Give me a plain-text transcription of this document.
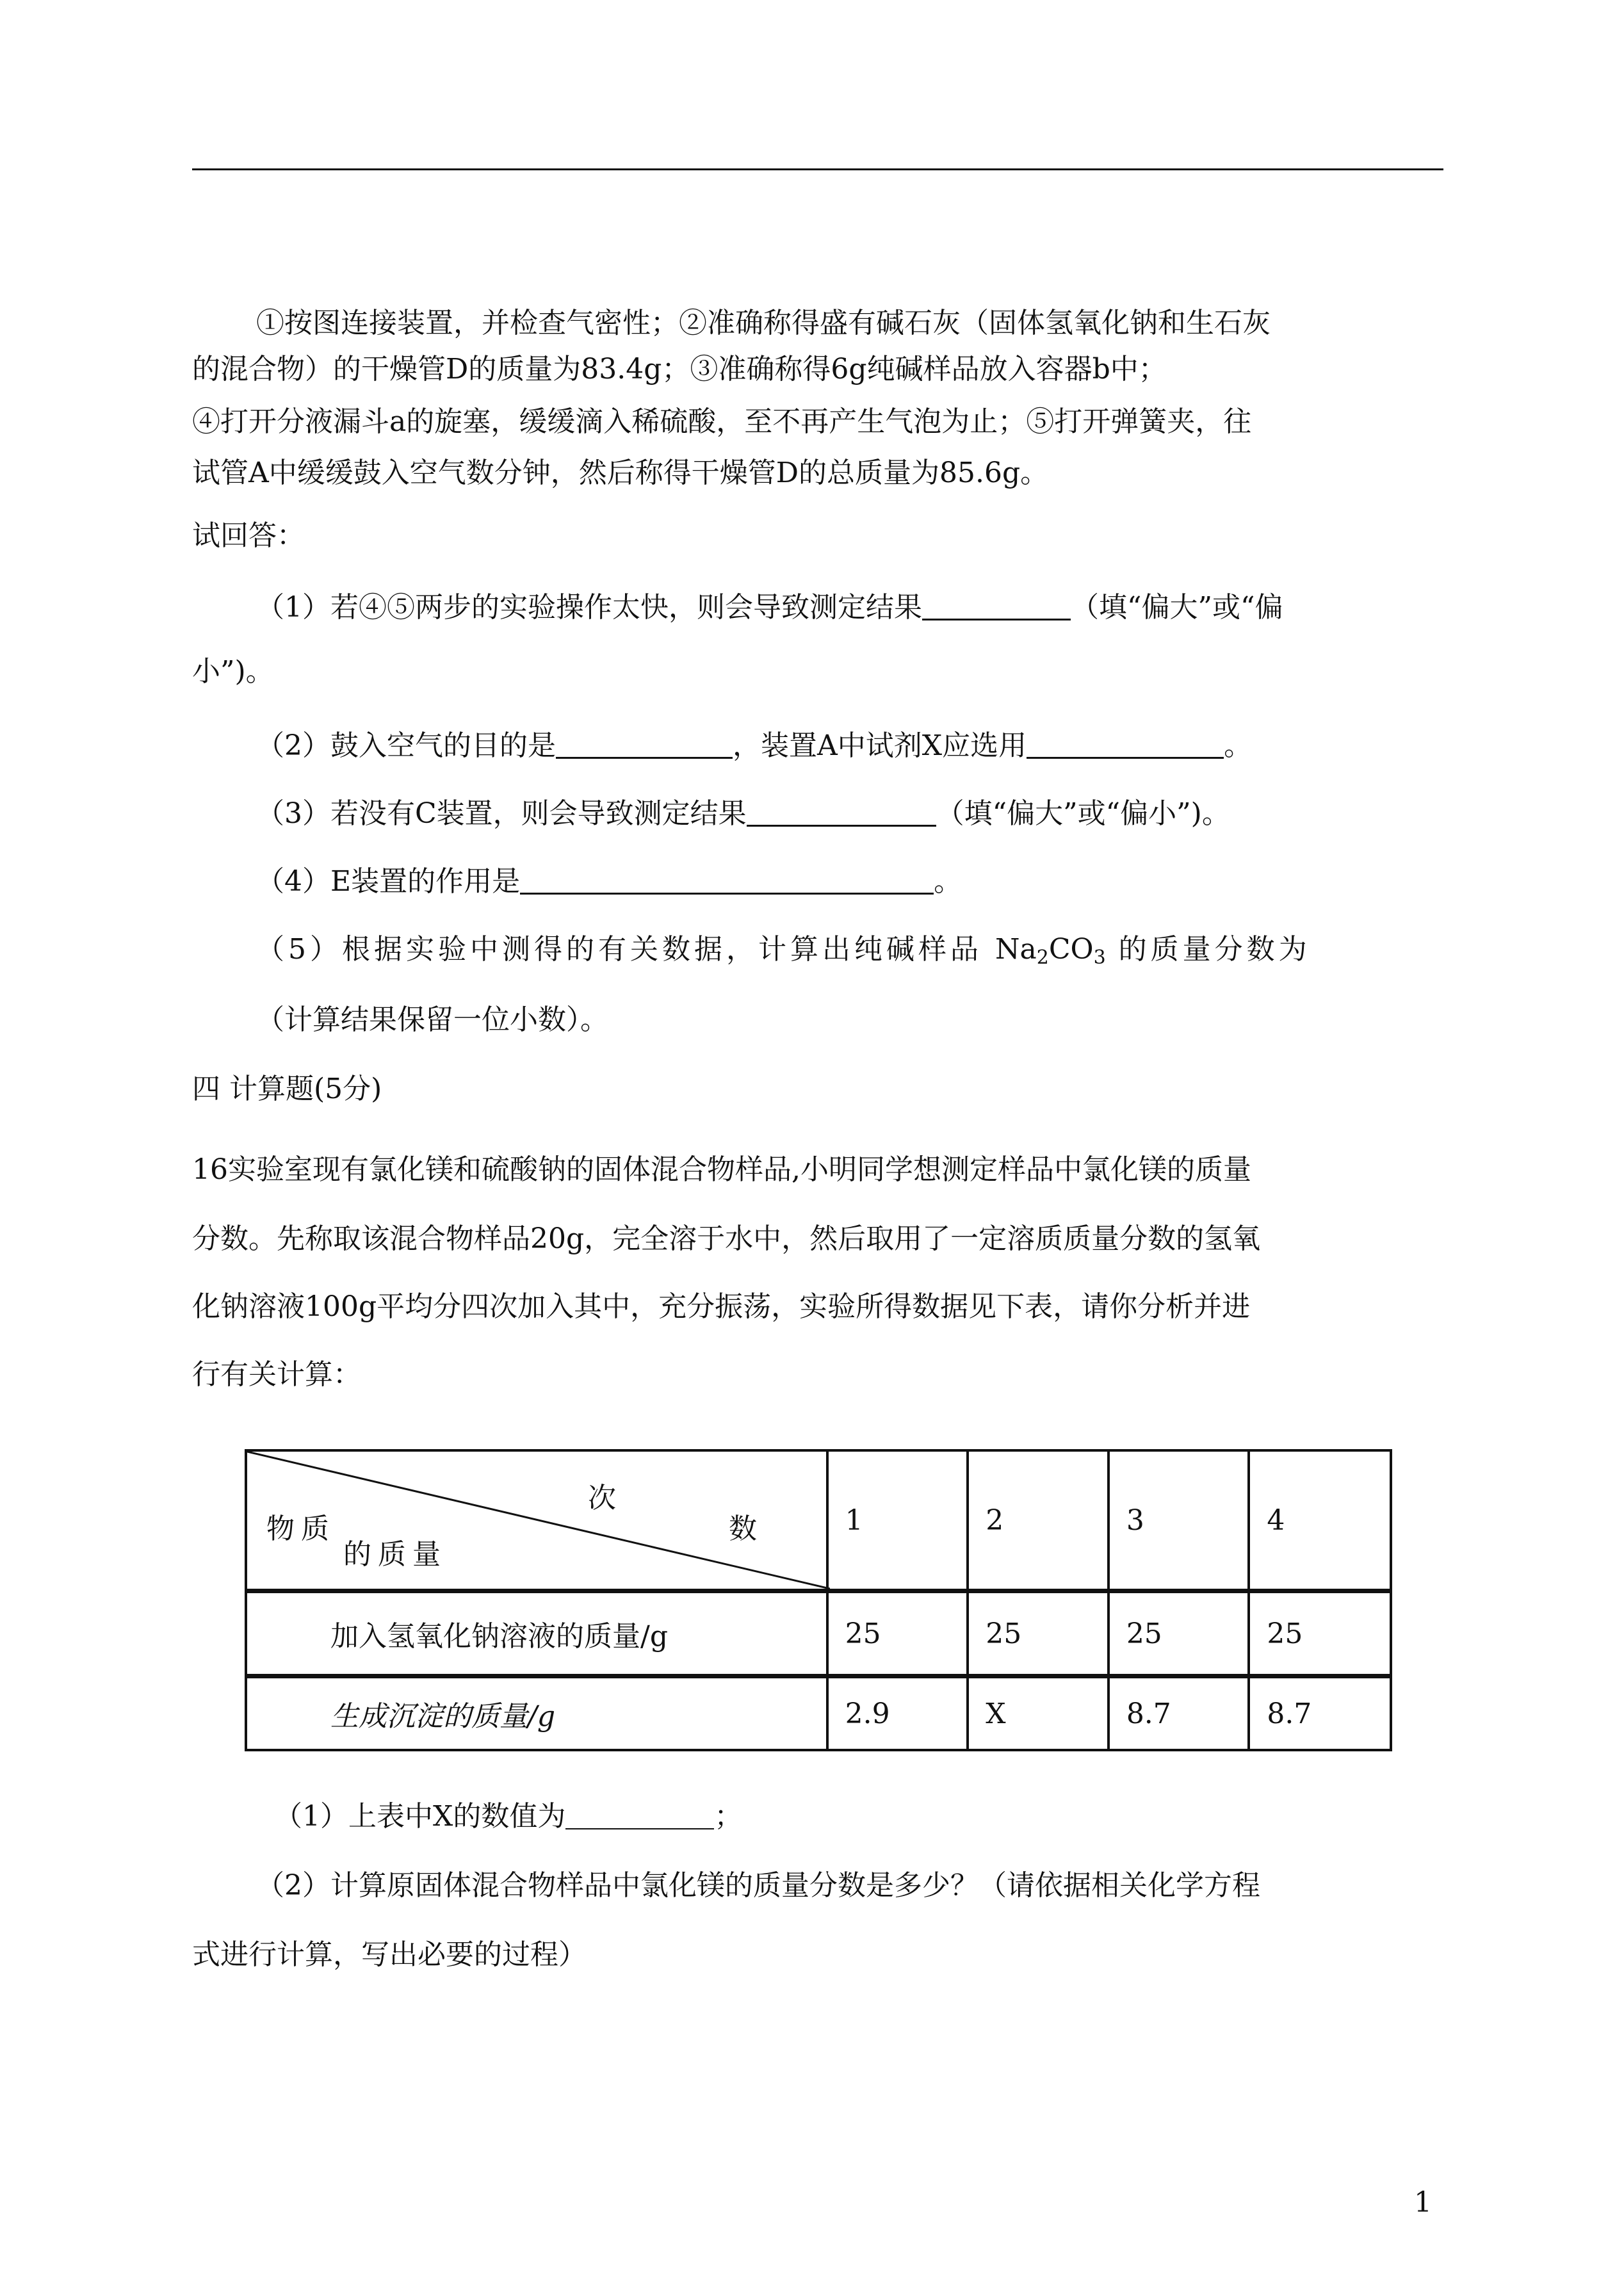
①按图连接装置，并检查气密性；②准确称得盛有碱石灰（固体氢氧化钠和生石灰
的混合物）的干燥管D的质量为83.4g；③准确称得6g纯碱样品放入容器b中；
④打开分液漏斗a的旋塞，缓缓滴入稀硫酸，至不再产生气泡为止；⑤打开弹簧夹，往
试管A中缓缓鼓入空气数分钟，然后称得干燥管D的总质量为85.6g。
试回答：
（1）若④⑤两步的实验操作太快，则会导致测定结果	（填“偏大”或“偏
小”)。
（2）鼓入空气的目的是	，装置A中试剂X应选用	。
（3）若没有C装置，则会导致测定结果	（填“偏大”或“偏小”)。
（4）E装置的作用是	。
（5）根据实验中测得的有关数据，计算出纯碱样品 $Na_2CO_3$ 的质量分数为
（计算结果保留一位小数）。
四 计算题(5分)
16实验室现有氯化镁和硫酸钠的固体混合物样品,小明同学想测定样品中氯化镁的质量
分数。先称取该混合物样品20g，完全溶于水中，然后取用了一定溶质质量分数的氢氧
化钠溶液100g平均分四次加入其中，充分振荡，实验所得数据见下表，请你分析并进
行有关计算：
次
数
物质
的质量	1	2	3	4
加入氢氧化钠溶液的质量/g	25	25	25	25
生成沉淀的质量/g	2.9	X	8.7	8.7
（1）上表中X的数值为	；
（2）计算原固体混合物样品中氯化镁的质量分数是多少？（请依据相关化学方程
式进行计算，写出必要的过程）
1
